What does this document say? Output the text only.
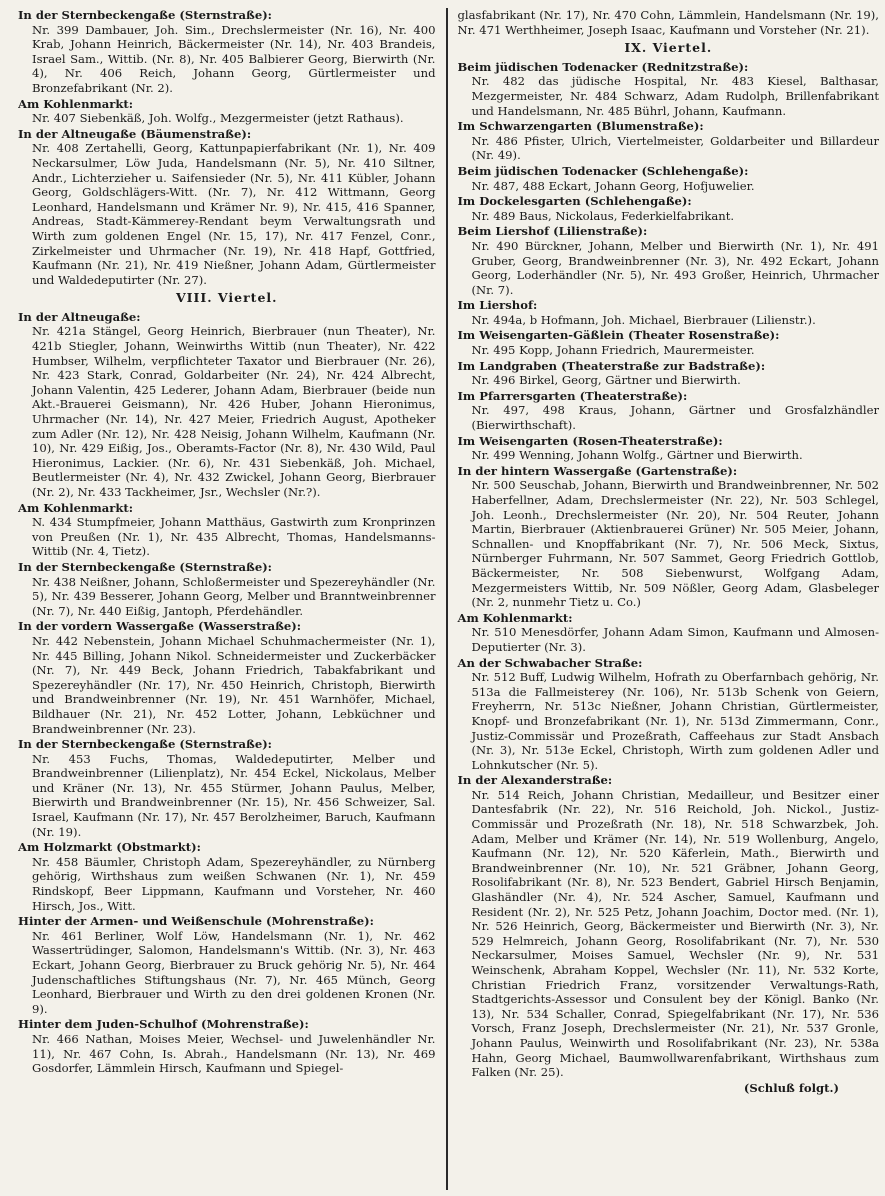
In der Sternbeckengaße (Sternstraße):
Nr. 399 Dambauer, Joh. Sim., Drechslermeister (Nr. 16), Nr. 400 Krab, Johann Heinrich, Bäckermeister (Nr. 14), Nr. 403 Brandeis, Israel Sam., Wittib. (Nr. 8), Nr. 405 Balbierer Georg, Bierwirth (Nr. 4), Nr. 406 Reich, Johann Georg, Gürtlermeister und Bronzefabrikant (Nr. 2).
Am Kohlenmarkt:
Nr. 407 Siebenkäß, Joh. Wolfg., Mezgermeister (jetzt Rathaus).
In der Altneugaße (Bäumenstraße):
Nr. 408 Zertahelli, Georg, Kattunpapierfabrikant (Nr. 1), Nr. 409 Neckarsulmer, Löw Juda, Handelsmann (Nr. 5), Nr. 410 Siltner, Andr., Lichterzieher u. Saifensieder (Nr. 5), Nr. 411 Kübler, Johann Georg, Goldschlägers-Witt. (Nr. 7), Nr. 412 Wittmann, Georg Leonhard, Handelsmann und Krämer Nr. 9), Nr. 415, 416 Spanner, Andreas, Stadt-Kämmerey-Rendant beym Verwaltungsrath und Wirth zum goldenen Engel (Nr. 15, 17), Nr. 417 Fenzel, Conr., Zirkelmeister und Uhrmacher (Nr. 19), Nr. 418 Hapf, Gottfried, Kaufmann (Nr. 21), Nr. 419 Nießner, Johann Adam, Gürtlermeister und Waldedeputirter (Nr. 27).
VIII. Viertel.
In der Altneugaße:
Nr. 421a Stängel, Georg Heinrich, Bierbrauer (nun Theater), Nr. 421b Stiegler, Johann, Weinwirths Wittib (nun Theater), Nr. 422 Humbser, Wilhelm, verpflichteter Taxator und Bierbrauer (Nr. 26), Nr. 423 Stark, Conrad, Goldarbeiter (Nr. 24), Nr. 424 Albrecht, Johann Valentin, 425 Lederer, Johann Adam, Bierbrauer (beide nun Akt.-Brauerei Geismann), Nr. 426 Huber, Johann Hieronimus, Uhrmacher (Nr. 14), Nr. 427 Meier, Friedrich August, Apotheker zum Adler (Nr. 12), Nr. 428 Neisig, Johann Wilhelm, Kaufmann (Nr. 10), Nr. 429 Eißig, Jos., Oberamts-Factor (Nr. 8), Nr. 430 Wild, Paul Hieronimus, Lackier. (Nr. 6), Nr. 431 Siebenkäß, Joh. Michael, Beutlermeister (Nr. 4), Nr. 432 Zwickel, Johann Georg, Bierbrauer (Nr. 2), Nr. 433 Tackheimer, Jsr., Wechsler (Nr.?).
Am Kohlenmarkt:
N. 434 Stumpfmeier, Johann Matthäus, Gastwirth zum Kronprinzen von Preußen (Nr. 1), Nr. 435 Albrecht, Thomas, Handelsmanns-Wittib (Nr. 4, Tietz).
In der Sternbeckengaße (Sternstraße):
Nr. 438 Neißner, Johann, Schloßermeister und Spezereyhändler (Nr. 5), Nr. 439 Besserer, Johann Georg, Melber und Branntweinbrenner (Nr. 7), Nr. 440 Eißig, Jantoph, Pferdehändler.
In der vordern Wassergaße (Wasserstraße):
Nr. 442 Nebenstein, Johann Michael Schuhmachermeister (Nr. 1), Nr. 445 Billing, Johann Nikol. Schneidermeister und Zuckerbäcker (Nr. 7), Nr. 449 Beck, Johann Friedrich, Tabakfabrikant und Spezereyhändler (Nr. 17), Nr. 450 Heinrich, Christoph, Bierwirth und Brandweinbrenner (Nr. 19), Nr. 451 Warnhöfer, Michael, Bildhauer (Nr. 21), Nr. 452 Lotter, Johann, Lebküchner und Brandweinbrenner (Nr. 23).
In der Sternbeckengaße (Sternstraße):
Nr. 453 Fuchs, Thomas, Waldedeputirter, Melber und Brandweinbrenner (Lilienplatz), Nr. 454 Eckel, Nickolaus, Melber und Kräner (Nr. 13), Nr. 455 Stürmer, Johann Paulus, Melber, Bierwirth und Brandweinbrenner (Nr. 15), Nr. 456 Schweizer, Sal. Israel, Kaufmann (Nr. 17), Nr. 457 Berolzheimer, Baruch, Kaufmann (Nr. 19).
Am Holzmarkt (Obstmarkt):
Nr. 458 Bäumler, Christoph Adam, Spezereyhändler, zu Nürnberg gehörig, Wirthshaus zum weißen Schwanen (Nr. 1), Nr. 459 Rindskopf, Beer Lippmann, Kaufmann und Vorsteher, Nr. 460 Hirsch, Jos., Witt.
Hinter der Armen- und Weißenschule (Mohrenstraße):
Nr. 461 Berliner, Wolf Löw, Handelsmann (Nr. 1), Nr. 462 Wassertrüdinger, Salomon, Handelsmann's Wittib. (Nr. 3), Nr. 463 Eckart, Johann Georg, Bierbrauer zu Bruck gehörig Nr. 5), Nr. 464 Judenschaftliches Stiftungshaus (Nr. 7), Nr. 465 Münch, Georg Leonhard, Bierbrauer und Wirth zu den drei goldenen Kronen (Nr. 9).
Hinter dem Juden-Schulhof (Mohrenstraße):
Nr. 466 Nathan, Moises Meier, Wechsel- und Juwelenhändler Nr. 11), Nr. 467 Cohn, Is. Abrah., Handelsmann (Nr. 13), Nr. 469 Gosdorfer, Lämmlein Hirsch, Kaufmann und Spiegel-
glasfabrikant (Nr. 17), Nr. 470 Cohn, Lämmlein, Handelsmann (Nr. 19), Nr. 471 Werthheimer, Joseph Isaac, Kaufmann und Vorsteher (Nr. 21).
IX. Viertel.
Beim jüdischen Todenacker (Rednitzstraße):
Nr. 482 das jüdische Hospital, Nr. 483 Kiesel, Balthasar, Mezgermeister, Nr. 484 Schwarz, Adam Rudolph, Brillenfabrikant und Handelsmann, Nr. 485 Bührl, Johann, Kaufmann.
Im Schwarzengarten (Blumenstraße):
Nr. 486 Pfister, Ulrich, Viertelmeister, Goldarbeiter und Billardeur (Nr. 49).
Beim jüdischen Todenacker (Schlehengaße):
Nr. 487, 488 Eckart, Johann Georg, Hofjuwelier.
Im Dockelesgarten (Schlehengaße):
Nr. 489 Baus, Nickolaus, Federkielfabrikant.
Beim Liershof (Lilienstraße):
Nr. 490 Bürckner, Johann, Melber und Bierwirth (Nr. 1), Nr. 491 Gruber, Georg, Brandweinbrenner (Nr. 3), Nr. 492 Eckart, Johann Georg, Loderhändler (Nr. 5), Nr. 493 Großer, Heinrich, Uhrmacher (Nr. 7).
Im Liershof:
Nr. 494a, b Hofmann, Joh. Michael, Bierbrauer (Lilienstr.).
Im Weisengarten-Gäßlein (Theater Rosenstraße):
Nr. 495 Kopp, Johann Friedrich, Maurermeister.
Im Landgraben (Theaterstraße zur Badstraße):
Nr. 496 Birkel, Georg, Gärtner und Bierwirth.
Im Pfarrersgarten (Theaterstraße):
Nr. 497, 498 Kraus, Johann, Gärtner und Grosfalzhändler (Bierwirthschaft).
Im Weisengarten (Rosen-Theaterstraße):
Nr. 499 Wenning, Johann Wolfg., Gärtner und Bierwirth.
In der hintern Wassergaße (Gartenstraße):
Nr. 500 Seuschab, Johann, Bierwirth und Brandweinbrenner, Nr. 502 Haberfellner, Adam, Drechslermeister (Nr. 22), Nr. 503 Schlegel, Joh. Leonh., Drechslermeister (Nr. 20), Nr. 504 Reuter, Johann Martin, Bierbrauer (Aktienbrauerei Grüner) Nr. 505 Meier, Johann, Schnallen- und Knopffabrikant (Nr. 7), Nr. 506 Meck, Sixtus, Nürnberger Fuhrmann, Nr. 507 Sammet, Georg Friedrich Gottlob, Bäckermeister, Nr. 508 Siebenwurst, Wolfgang Adam, Mezgermeisters Wittib, Nr. 509 Nößler, Georg Adam, Glasbeleger (Nr. 2, nunmehr Tietz u. Co.)
Am Kohlenmarkt:
Nr. 510 Menesdörfer, Johann Adam Simon, Kaufmann und Almosen-Deputierter (Nr. 3).
An der Schwabacher Straße:
Nr. 512 Buff, Ludwig Wilhelm, Hofrath zu Oberfarnbach gehörig, Nr. 513a die Fallmeisterey (Nr. 106), Nr. 513b Schenk von Geiern, Freyherrn, Nr. 513c Nießner, Johann Christian, Gürtlermeister, Knopf- und Bronzefabrikant (Nr. 1), Nr. 513d Zimmermann, Conr., Justiz-Commissär und Prozeßrath, Caffeehaus zur Stadt Ansbach (Nr. 3), Nr. 513e Eckel, Christoph, Wirth zum goldenen Adler und Lohnkutscher (Nr. 5).
In der Alexanderstraße:
Nr. 514 Reich, Johann Christian, Medailleur, und Besitzer einer Dantesfabrik (Nr. 22), Nr. 516 Reichold, Joh. Nickol., Justiz-Commissär und Prozeßrath (Nr. 18), Nr. 518 Schwarzbek, Joh. Adam, Melber und Krämer (Nr. 14), Nr. 519 Wollenburg, Angelo, Kaufmann (Nr. 12), Nr. 520 Käferlein, Math., Bierwirth und Brandweinbrenner (Nr. 10), Nr. 521 Gräbner, Johann Georg, Rosolifabrikant (Nr. 8), Nr. 523 Bendert, Gabriel Hirsch Benjamin, Glashändler (Nr. 4), Nr. 524 Ascher, Samuel, Kaufmann und Resident (Nr. 2), Nr. 525 Petz, Johann Joachim, Doctor med. (Nr. 1), Nr. 526 Heinrich, Georg, Bäckermeister und Bierwirth (Nr. 3), Nr. 529 Helmreich, Johann Georg, Rosolifabrikant (Nr. 7), Nr. 530 Neckarsulmer, Moises Samuel, Wechsler (Nr. 9), Nr. 531 Weinschenk, Abraham Koppel, Wechsler (Nr. 11), Nr. 532 Korte, Christian Friedrich Franz, vorsitzender Verwaltungs-Rath, Stadtgerichts-Assessor und Consulent bey der Königl. Banko (Nr. 13), Nr. 534 Schaller, Conrad, Spiegelfabrikant (Nr. 17), Nr. 536 Vorsch, Franz Joseph, Drechslermeister (Nr. 21), Nr. 537 Gronle, Johann Paulus, Weinwirth und Rosolifabrikant (Nr. 23), Nr. 538a Hahn, Georg Michael, Baumwollwarenfabrikant, Wirthshaus zum Falken (Nr. 25).
(Schluß folgt.)
